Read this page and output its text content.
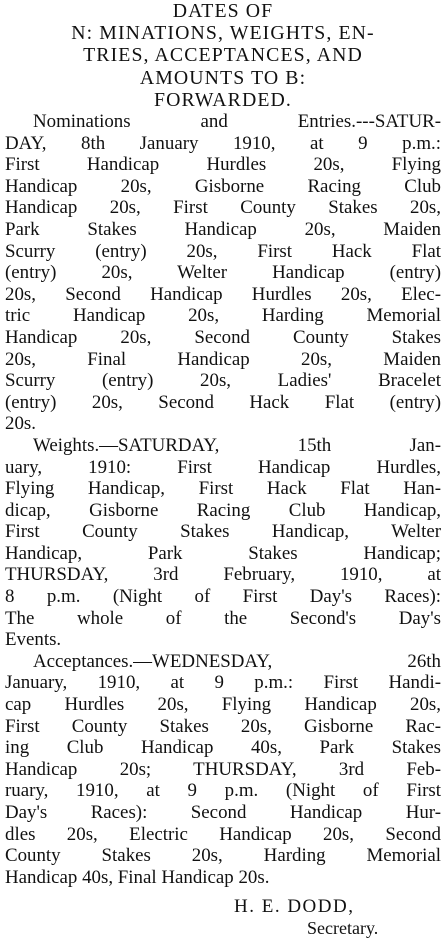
DATES OF
N: MINATIONS, WEIGHTS, EN-
TRIES, ACCEPTANCES, AND
AMOUNTS TO B:
FORWARDED.
Nominations and Entries.---SATUR-
DAY, 8th January 1910, at 9 p.m.:
First Handicap Hurdles 20s, Flying
Handicap 20s, Gisborne Racing Club
Handicap 20s, First County Stakes 20s,
Park Stakes Handicap 20s, Maiden
Scurry (entry) 20s, First Hack Flat
(entry) 20s, Welter Handicap (entry)
20s, Second Handicap Hurdles 20s, Elec-
tric Handicap 20s, Harding Memorial
Handicap 20s, Second County Stakes
20s, Final Handicap 20s, Maiden
Scurry (entry) 20s, Ladies' Bracelet
(entry) 20s, Second Hack Flat (entry)
20s.
Weights.—SATURDAY, 15th Jan-
uary, 1910: First Handicap Hurdles,
Flying Handicap, First Hack Flat Han-
dicap, Gisborne Racing Club Handicap,
First County Stakes Handicap, Welter
Handicap, Park Stakes Handicap;
THURSDAY, 3rd February, 1910, at
8 p.m. (Night of First Day's Races):
The whole of the Second's Day's
Events.
Acceptances.—WEDNESDAY, 26th
January, 1910, at 9 p.m.: First Handi-
cap Hurdles 20s, Flying Handicap 20s,
First County Stakes 20s, Gisborne Rac-
ing Club Handicap 40s, Park Stakes
Handicap 20s; THURSDAY, 3rd Feb-
ruary, 1910, at 9 p.m. (Night of First
Day's Races): Second Handicap Hur-
dles 20s, Electric Handicap 20s, Second
County Stakes 20s, Harding Memorial
Handicap 40s, Final Handicap 20s.
H. E. DODD,
Secretary.
